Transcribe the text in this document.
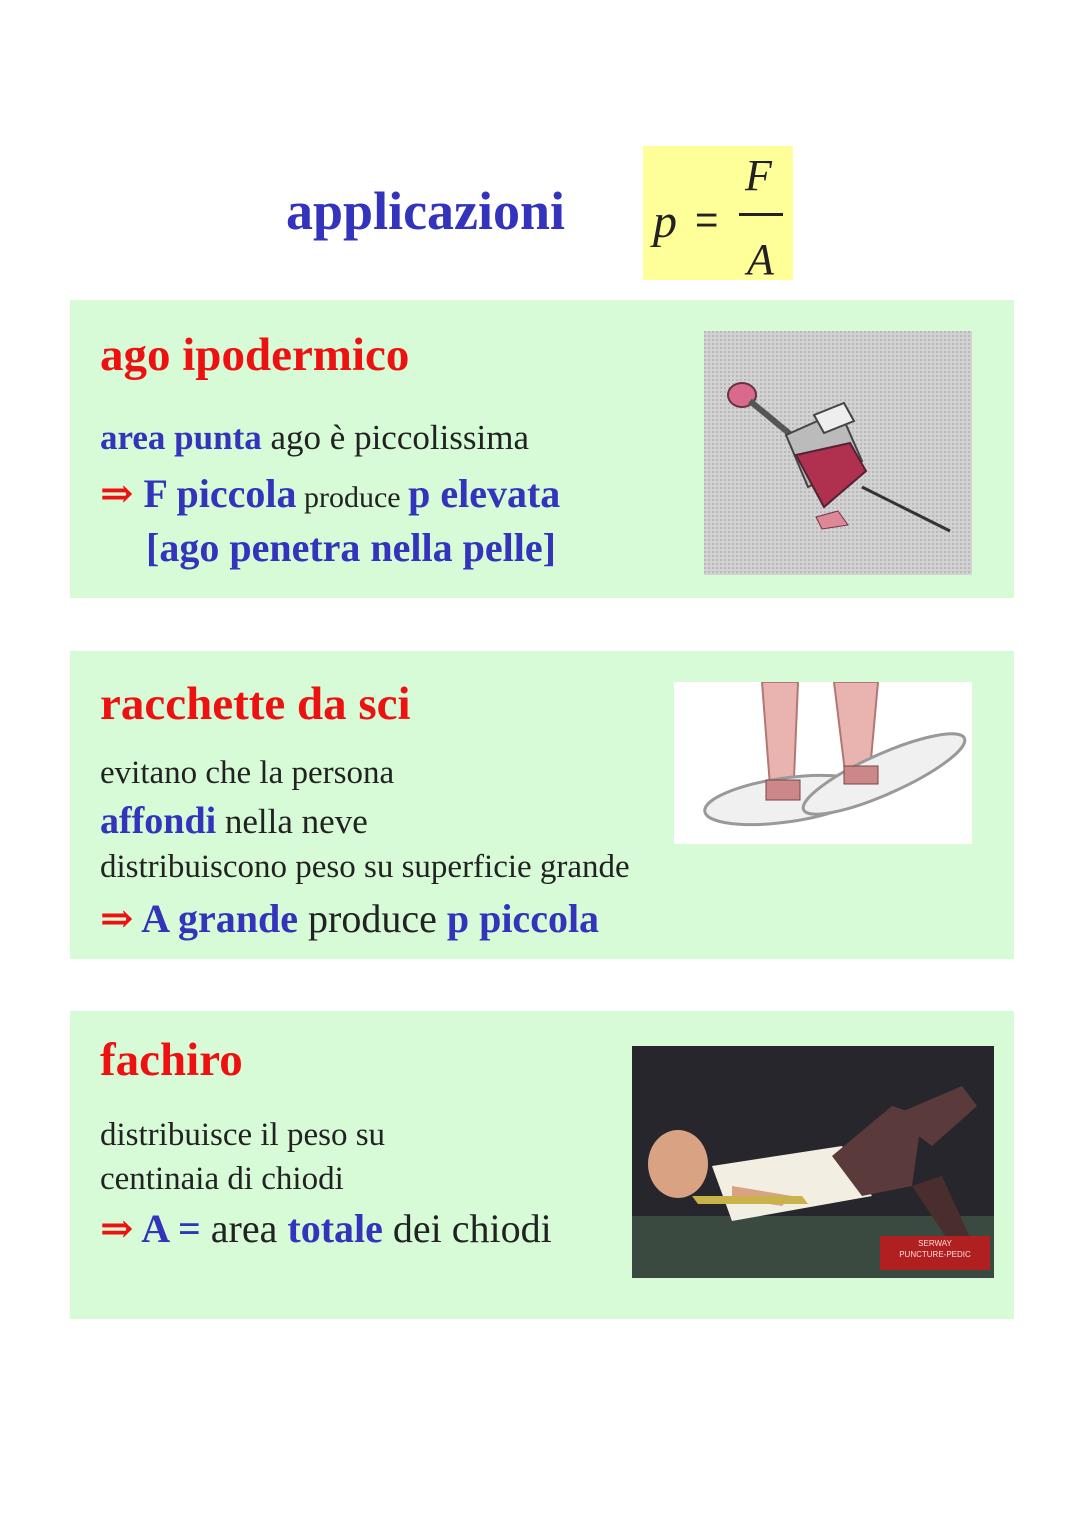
applicazioni p =
F
A
ago ipodermico
area punta ago è piccolissima
⇒ F piccola produce p elevata
[ago penetra nella pelle]
racchette da sci
evitano che la persona
affondi nella neve
distribuiscono peso su superficie grande
⇒ A grande produce p piccola
fachiro
distribuisce il peso su
centinaia di chiodi
⇒ A = area totale dei chiodi	SERWAY
PUNCTURE-PEDIC
